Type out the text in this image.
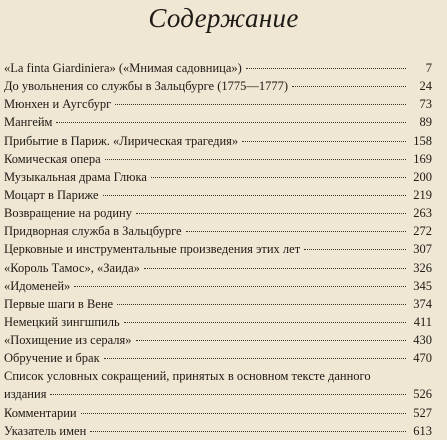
Содержание
«La finta Giardiniera» («Мнимая садовница»)	7
До увольнения со службы в Зальцбурге (1775—1777)	24
Мюнхен и Аугсбург	73
Мангейм	89
Прибытие в Париж. «Лирическая трагедия»	158
Комическая опера	169
Музыкальная драма Глюка	200
Моцарт в Париже	219
Возвращение на родину	263
Придворная служба в Зальцбурге	272
Церковные и инструментальные произведения этих лет	307
«Король Тамос», «Заида»	326
«Идоменей»	345
Первые шаги в Вене	374
Немецкий зингшпиль	411
«Похищение из сераля»	430
Обручение и брак	470
Список условных сокращений, принятых в основном тексте данного
издания	526
Комментарии	527
Указатель имен	613
